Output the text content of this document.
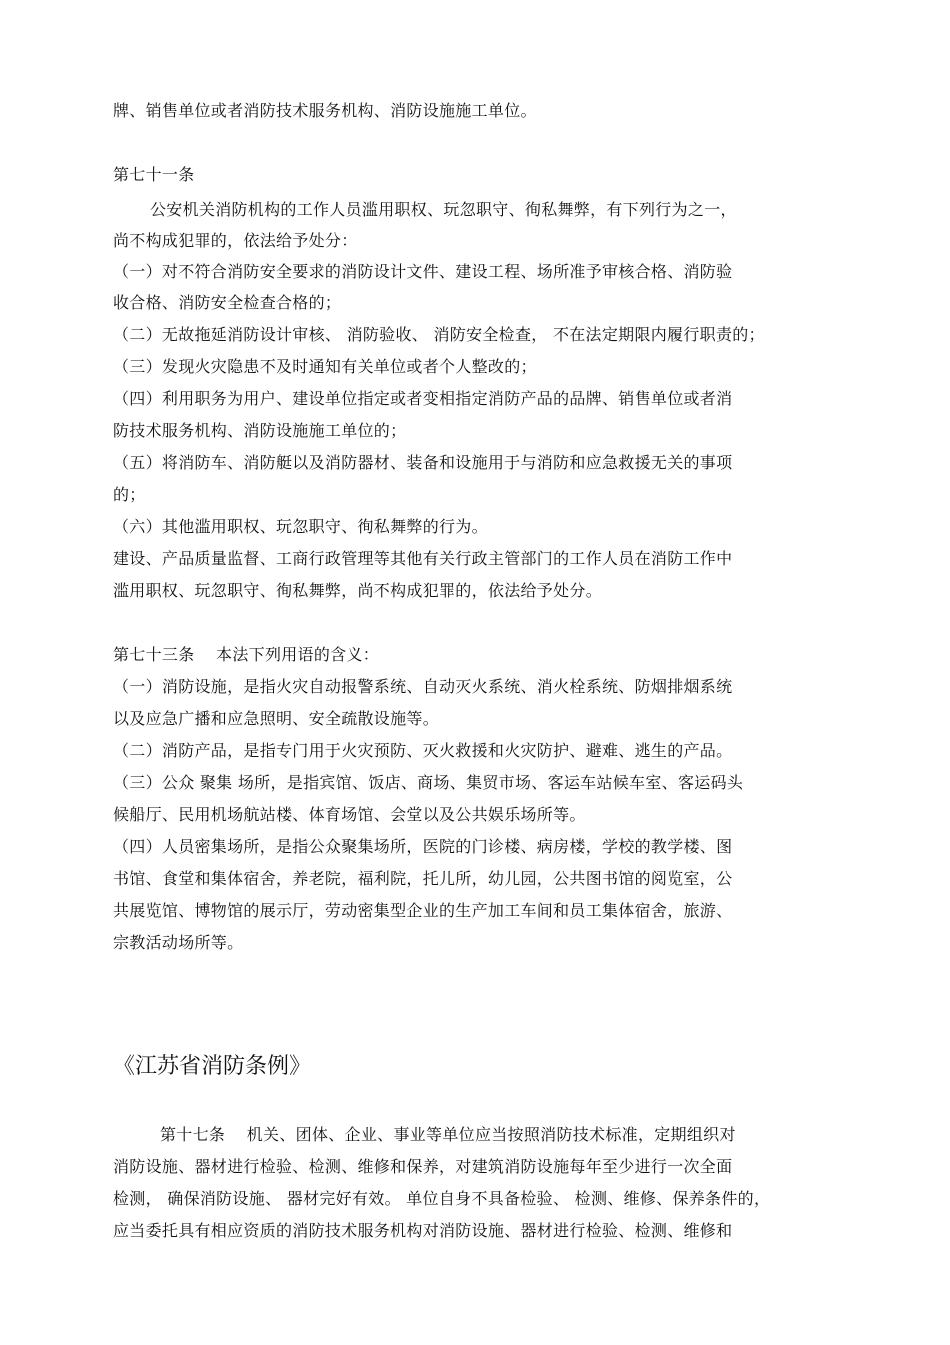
牌、销售单位或者消防技术服务机构、消防设施施工单位。
第七十一条
公安机关消防机构的工作人员滥用职权、玩忽职守、徇私舞弊，有下列行为之一，
尚不构成犯罪的，依法给予处分：
（一）对不符合消防安全要求的消防设计文件、建设工程、场所准予审核合格、消防验
收合格、消防安全检查合格的；
（二）无故拖延消防设计审核、 消防验收、 消防安全检查， 不在法定期限内履行职责的；
（三）发现火灾隐患不及时通知有关单位或者个人整改的；
（四）利用职务为用户、建设单位指定或者变相指定消防产品的品牌、销售单位或者消
防技术服务机构、消防设施施工单位的；
（五）将消防车、消防艇以及消防器材、装备和设施用于与消防和应急救援无关的事项
的；
（六）其他滥用职权、玩忽职守、徇私舞弊的行为。
建设、产品质量监督、工商行政管理等其他有关行政主管部门的工作人员在消防工作中
滥用职权、玩忽职守、徇私舞弊，尚不构成犯罪的，依法给予处分。
第七十三条    本法下列用语的含义：
（一）消防设施，是指火灾自动报警系统、自动灭火系统、消火栓系统、防烟排烟系统
以及应急广播和应急照明、安全疏散设施等。
（二）消防产品，是指专门用于火灾预防、灭火救援和火灾防护、避难、逃生的产品。
（三）公众 聚集 场所，是指宾馆、饭店、商场、集贸市场、客运车站候车室、客运码头
候船厅、民用机场航站楼、体育场馆、会堂以及公共娱乐场所等。
（四）人员密集场所，是指公众聚集场所，医院的门诊楼、病房楼，学校的教学楼、图
书馆、食堂和集体宿舍，养老院，福利院，托儿所，幼儿园，公共图书馆的阅览室，公
共展览馆、博物馆的展示厅，劳动密集型企业的生产加工车间和员工集体宿舍，旅游、
宗教活动场所等。
《江苏省消防条例》
第十七条    机关、团体、企业、事业等单位应当按照消防技术标准，定期组织对
消防设施、器材进行检验、检测、维修和保养，对建筑消防设施每年至少进行一次全面
检测， 确保消防设施、 器材完好有效。 单位自身不具备检验、 检测、维修、保养条件的，
应当委托具有相应资质的消防技术服务机构对消防设施、器材进行检验、检测、维修和
